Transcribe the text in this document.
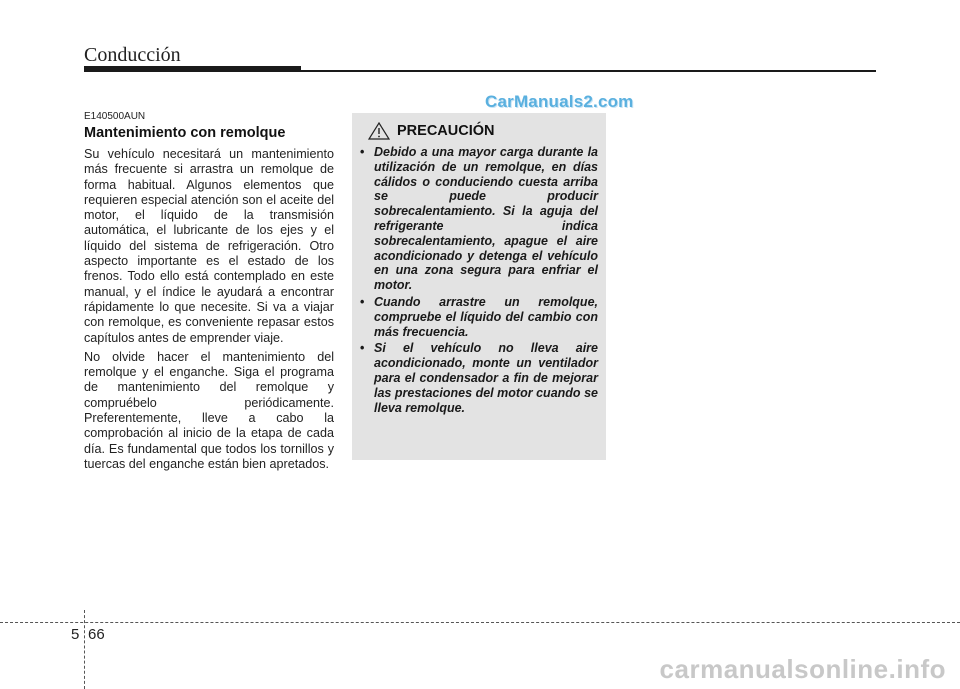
Conducción
CarManuals2.com
E140500AUN
Mantenimiento con remolque

Su vehículo necesitará un mantenimiento más frecuente si arrastra un remolque de forma habitual. Algunos elementos que requieren especial atención son el aceite del motor, el líquido de la transmisión automática, el lubricante de los ejes y el líquido del sistema de refrigeración. Otro aspecto importante es el estado de los frenos. Todo ello está contemplado en este manual, y el índice le ayudará a encontrar rápidamente lo que necesite. Si va a viajar con remolque, es conveniente repasar estos capítulos antes de emprender viaje.

No olvide hacer el mantenimiento del remolque y el enganche. Siga el programa de mantenimiento del remolque y compruébelo periódicamente. Preferentemente, lleve a cabo la comprobación al inicio de la etapa de cada día. Es fundamental que todos los tornillos y tuercas del enganche están bien apretados.

PRECAUCIÓN
• Debido a una mayor carga durante la utilización de un remolque, en días cálidos o conduciendo cuesta arriba se puede producir sobrecalentamiento. Si la aguja del refrigerante indica sobrecalentamiento, apague el aire acondicionado y detenga el vehículo en una zona segura para enfriar el motor.
• Cuando arrastre un remolque, compruebe el líquido del cambio con más frecuencia.
• Si el vehículo no lleva aire acondicionado, monte un ventilador para el condensador a fin de mejorar las prestaciones del motor cuando se lleva remolque.
5 66
carmanualsonline.info
